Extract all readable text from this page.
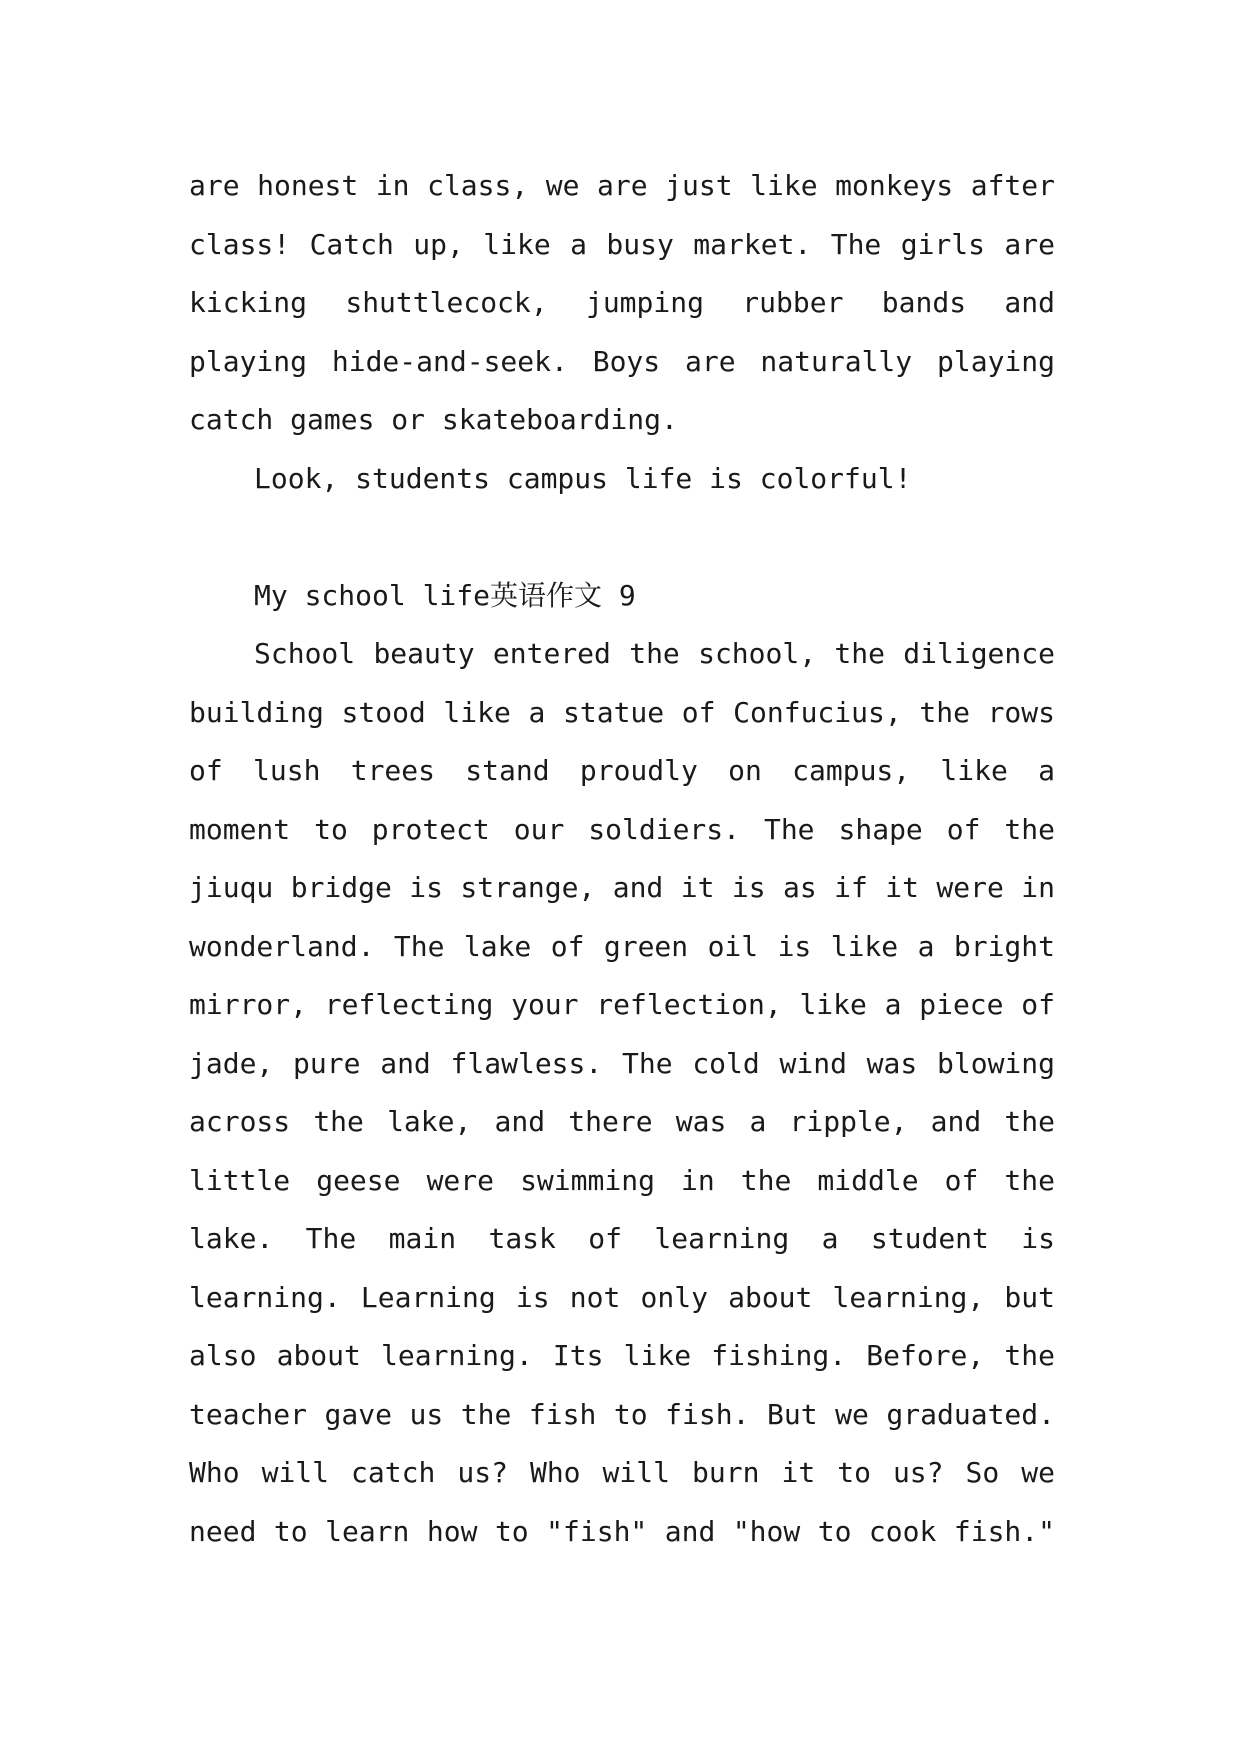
are honest in class, we are just like monkeys after
class! Catch up, like a busy market. The girls are
kicking shuttlecock, jumping rubber bands and
playing hide-and-seek. Boys are naturally playing
catch games or skateboarding.
Look, students campus life is colorful!
My school life英语作文 9
School beauty entered the school, the diligence
building stood like a statue of Confucius, the rows
of lush trees stand proudly on campus, like a
moment to protect our soldiers. The shape of the
jiuqu bridge is strange, and it is as if it were in
wonderland. The lake of green oil is like a bright
mirror, reflecting your reflection, like a piece of
jade, pure and flawless. The cold wind was blowing
across the lake, and there was a ripple, and the
little geese were swimming in the middle of the
lake. The main task of learning a student is
learning. Learning is not only about learning, but
also about learning. Its like fishing. Before, the
teacher gave us the fish to fish. But we graduated.
Who will catch us? Who will burn it to us? So we
need to learn how to "fish" and "how to cook fish."
